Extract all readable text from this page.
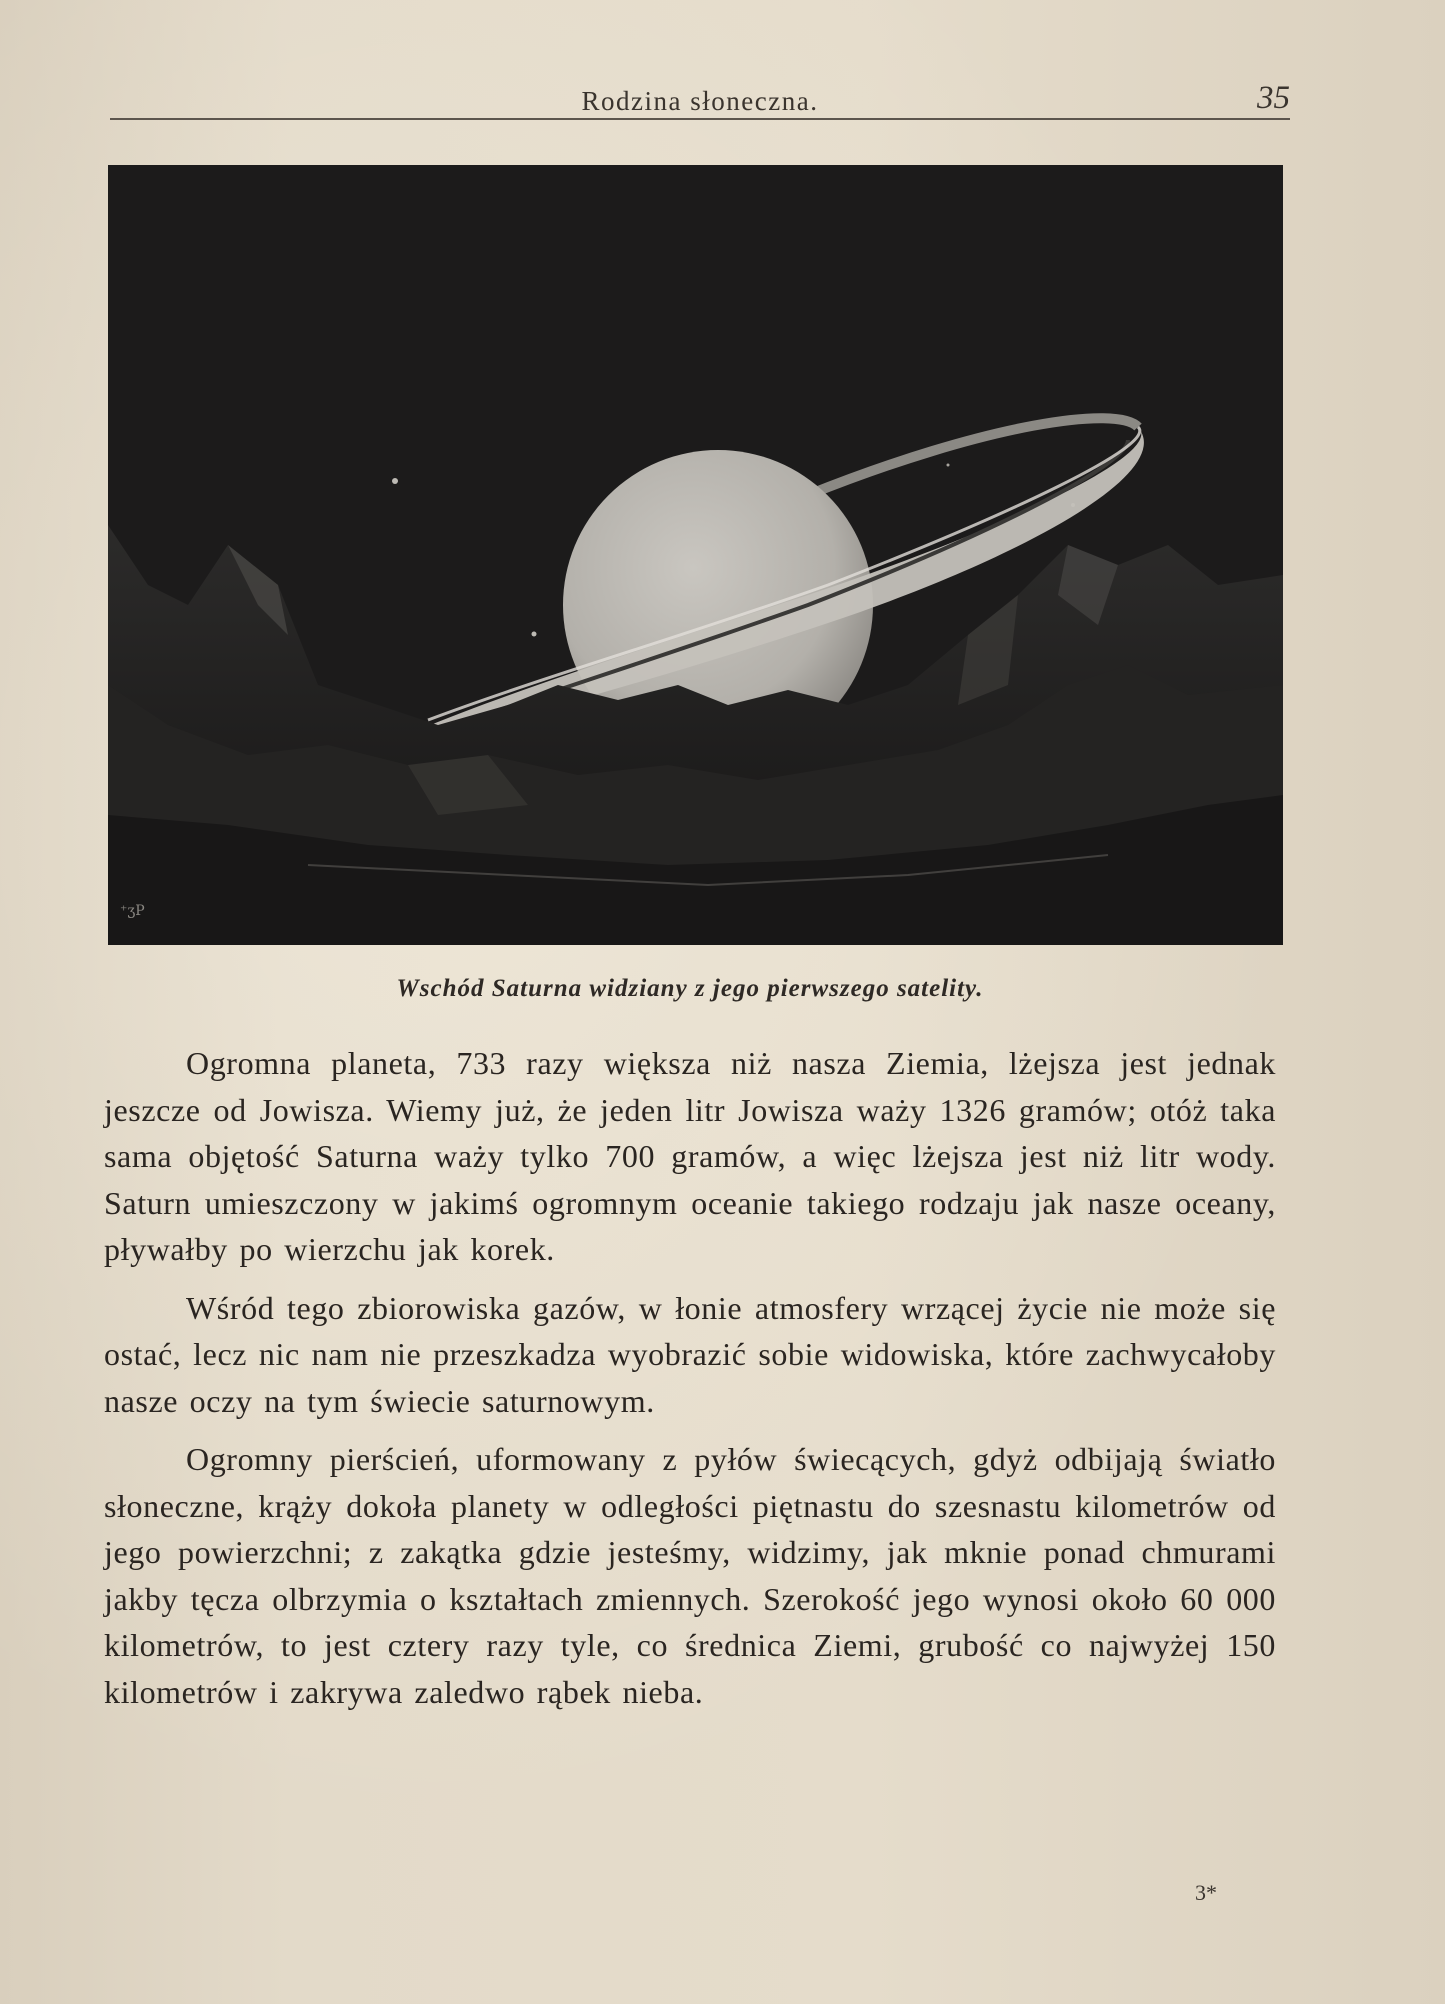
Rodzina słoneczna.	35
⁺ʒP
Wschód Saturna widziany z jego pierwszego satelity.

Ogromna planeta, 733 razy większa niż nasza Ziemia, lżejsza jest jednak jeszcze od Jowisza. Wiemy już, że jeden litr Jowisza waży 1326 gramów; otóż taka sama objętość Saturna waży tylko 700 gramów, a więc lżejsza jest niż litr wody. Saturn umieszczony w jakimś ogromnym oceanie takiego rodzaju jak nasze oceany, pływałby po wierzchu jak korek.

Wśród tego zbiorowiska gazów, w łonie atmosfery wrzącej życie nie może się ostać, lecz nic nam nie przeszkadza wyobrazić sobie widowiska, które zachwycałoby nasze oczy na tym świecie saturnowym.

Ogromny pierścień, uformowany z pyłów świecących, gdyż odbijają światło słoneczne, krąży dokoła planety w odległości piętnastu do szesnastu kilometrów od jego powierzchni; z zakątka gdzie jesteśmy, widzimy, jak mknie ponad chmurami jakby tęcza olbrzymia o kształtach zmiennych. Szerokość jego wynosi około 60 000 kilometrów, to jest cztery razy tyle, co średnica Ziemi, grubość co najwyżej 150 kilometrów i zakrywa zaledwo rąbek nieba.

3*
